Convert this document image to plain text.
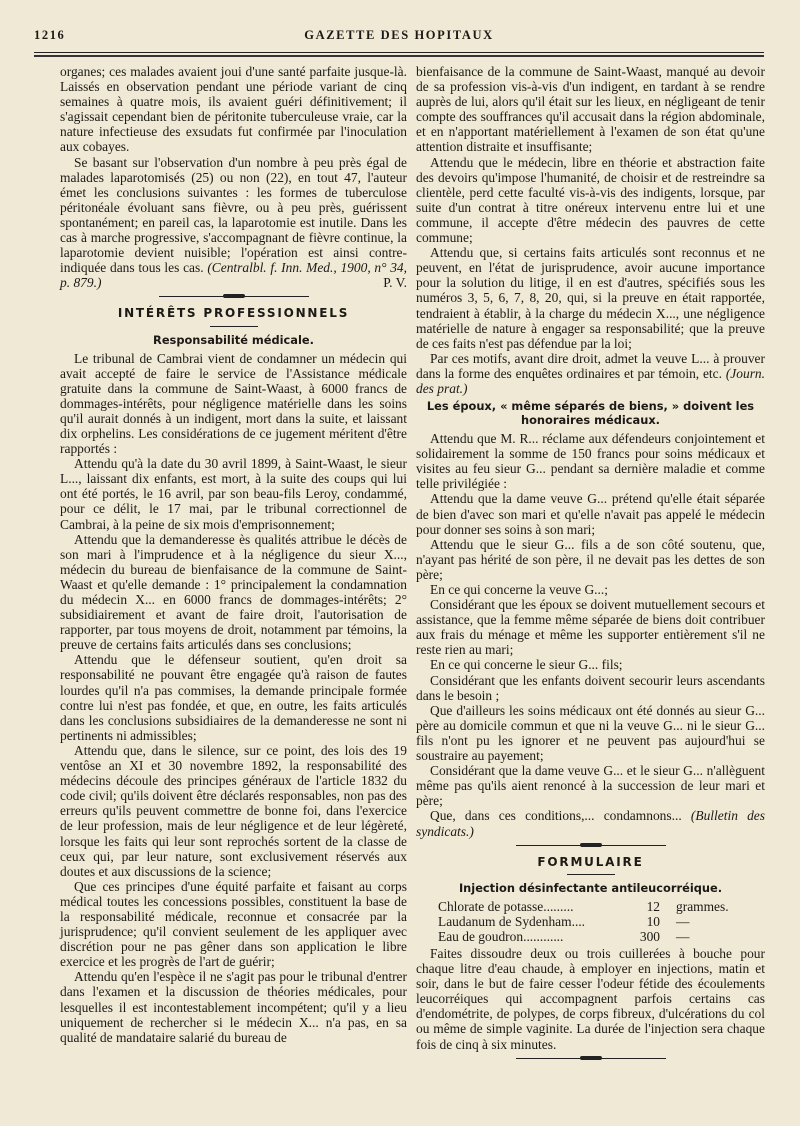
1216	GAZETTE DES HOPITAUX

organes; ces malades avaient joui d'une santé parfaite jusque-là. Laissés en observation pendant une période variant de cinq semaines à quatre mois, ils avaient guéri définitivement; il s'agissait cependant bien de péritonite tuberculeuse vraie, car la nature infectieuse des exsudats fut confirmée par l'inoculation aux cobayes.

Se basant sur l'observation d'un nombre à peu près égal de malades laparotomisés (25) ou non (22), en tout 47, l'auteur émet les conclusions suivantes : les formes de tuberculose péritonéale évoluant sans fièvre, ou à peu près, guérissent spontanément; en pareil cas, la laparotomie est inutile. Dans les cas à marche progressive, s'accompagnant de fièvre continue, la laparotomie devient nuisible; l'opération est ainsi contre-indiquée dans tous les cas. (Centralbl. f. Inn. Med., 1900, n° 34, p. 879.)	P. V.

INTÉRÊTS PROFESSIONNELS
Responsabilité médicale.

Le tribunal de Cambrai vient de condamner un médecin qui avait accepté de faire le service de l'Assistance médicale gratuite dans la commune de Saint-Waast, à 6000 francs de dommages-intérêts, pour négligence matérielle dans les soins qu'il aurait donnés à un indigent, mort dans la suite, et laissant dix orphelins. Les considérations de ce jugement méritent d'être rapportés :

Attendu qu'à la date du 30 avril 1899, à Saint-Waast, le sieur L..., laissant dix enfants, est mort, à la suite des coups qui lui ont été portés, le 16 avril, par son beau-fils Leroy, condammé, pour ce délit, le 17 mai, par le tribunal correctionnel de Cambrai, à la peine de six mois d'emprisonnement;

Attendu que la demanderesse ès qualités attribue le décès de son mari à l'imprudence et à la négligence du sieur X..., médecin du bureau de bienfaisance de la commune de Saint-Waast et qu'elle demande : 1° principalement la condamnation du médecin X... en 6000 francs de dommages-intérêts; 2° subsidiairement et avant de faire droit, l'autorisation de rapporter, par tous moyens de droit, notamment par témoins, la preuve de certains faits articulés dans ses conclusions;

Attendu que le défenseur soutient, qu'en droit sa responsabilité ne pouvant être engagée qu'à raison de fautes lourdes qu'il n'a pas commises, la demande principale formée contre lui n'est pas fondée, et que, en outre, les faits articulés dans les conclusions subsidiaires de la demanderesse ne sont ni pertinents ni admissibles;

Attendu que, dans le silence, sur ce point, des lois des 19 ventôse an XI et 30 novembre 1892, la responsabilité des médecins découle des principes généraux de l'article 1832 du code civil; qu'ils doivent être déclarés responsables, non pas des erreurs qu'ils peuvent commettre de bonne foi, dans l'exercice de leur profession, mais de leur négligence et de leur légèreté, lorsque les faits qui leur sont reprochés sortent de la classe de ceux qui, par leur nature, sont exclusivement réservés aux doutes et aux discussions de la science;

Que ces principes d'une équité parfaite et faisant au corps médical toutes les concessions possibles, constituent la base de la responsabilité médicale, reconnue et consacrée par la jurisprudence; qu'il convient seulement de les appliquer avec discrétion pour ne pas gêner dans son application le libre exercice et les progrès de l'art de guérir;

Attendu qu'en l'espèce il ne s'agit pas pour le tribunal d'entrer dans l'examen et la discussion de théories médicales, pour lesquelles il est incontestablement incompétent; qu'il y a lieu uniquement de rechercher si le médecin X... n'a pas, en sa qualité de mandataire salarié du bureau de

bienfaisance de la commune de Saint-Waast, manqué au devoir de sa profession vis-à-vis d'un indigent, en tardant à se rendre auprès de lui, alors qu'il était sur les lieux, en négligeant de tenir compte des souffrances qu'il accusait dans la région abdominale, et en n'apportant matériellement à l'examen de son état qu'une attention distraite et insuffisante;

Attendu que le médecin, libre en théorie et abstraction faite des devoirs qu'impose l'humanité, de choisir et de restreindre sa clientèle, perd cette faculté vis-à-vis des indigents, lorsque, par suite d'un contrat à titre onéreux intervenu entre lui et une commune, il accepte d'être médecin des pauvres de cette commune;

Attendu que, si certains faits articulés sont reconnus et ne peuvent, en l'état de jurisprudence, avoir aucune importance pour la solution du litige, il en est d'autres, spécifiés sous les numéros 3, 5, 6, 7, 8, 20, qui, si la preuve en était rapportée, tendraient à établir, à la charge du médecin X..., une négligence matérielle de nature à engager sa responsabilité; que la preuve de ces faits n'est pas défendue par la loi;

Par ces motifs, avant dire droit, admet la veuve L... à prouver dans la forme des enquêtes ordinaires et par témoin, etc. (Journ. des prat.)

Les époux, « même séparés de biens, » doivent les honoraires médicaux.

Attendu que M. R... réclame aux défendeurs conjointement et solidairement la somme de 150 francs pour soins médicaux et visites au feu sieur G... pendant sa dernière maladie et comme telle privilégiée :

Attendu que la dame veuve G... prétend qu'elle était séparée de bien d'avec son mari et qu'elle n'avait pas appelé le médecin pour donner ses soins à son mari;

Attendu que le sieur G... fils a de son côté soutenu, que, n'ayant pas hérité de son père, il ne devait pas les dettes de son père;

En ce qui concerne la veuve G...;

Considérant que les époux se doivent mutuellement secours et assistance, que la femme même séparée de biens doit contribuer aux frais du ménage et même les supporter entièrement s'il ne reste rien au mari;

En ce qui concerne le sieur G... fils;

Considérant que les enfants doivent secourir leurs ascendants dans le besoin ;

Que d'ailleurs les soins médicaux ont été donnés au sieur G... père au domicile commun et que ni la veuve G... ni le sieur G... fils n'ont pu les ignorer et ne peuvent pas aujourd'hui se soustraire au payement;

Considérant que la dame veuve G... et le sieur G... n'allèguent même pas qu'ils aient renoncé à la succession de leur mari et père;

Que, dans ces conditions,... condamnons... (Bulletin des syndicats.)

FORMULAIRE
Injection désinfectante antileucorréique.
Chlorate de potasse.........	12	grammes.
Laudanum de Sydenham....	10	—
Eau de goudron............	300	—

Faites dissoudre deux ou trois cuillerées à bouche pour chaque litre d'eau chaude, à employer en injections, matin et soir, dans le but de faire cesser l'odeur fétide des écoulements leucorréiques qui accompagnent parfois certains cas d'endométrite, de polypes, de corps fibreux, d'ulcérations du col ou même de simple vaginite. La durée de l'injection sera chaque fois de cinq à six minutes.
